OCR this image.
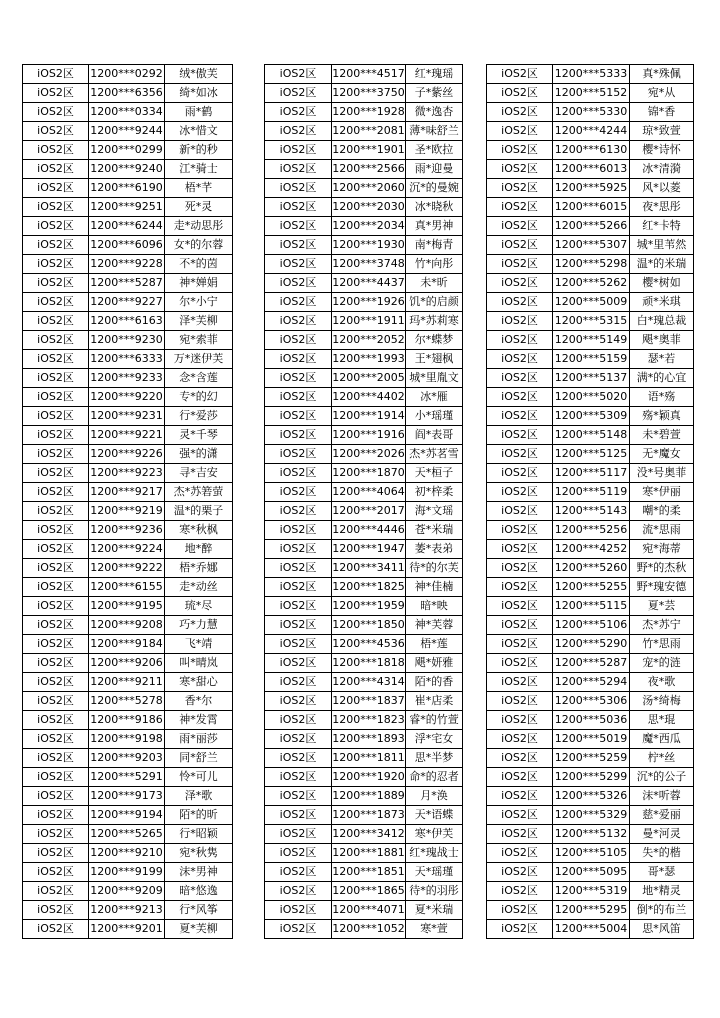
iOS2区	1200***0292	绒*傲芙
iOS2区	1200***6356	绮*如冰
iOS2区	1200***0334	雨*鹤
iOS2区	1200***9244	冰*惜文
iOS2区	1200***0299	新*的秒
iOS2区	1200***9240	江*骑士
iOS2区	1200***6190	梧*芊
iOS2区	1200***9251	死*灵
iOS2区	1200***6244	走*动思彤
iOS2区	1200***6096	女*的尔蓉
iOS2区	1200***9228	不*的茵
iOS2区	1200***5287	神*婵娟
iOS2区	1200***9227	尔*小宁
iOS2区	1200***6163	泽*芙柳
iOS2区	1200***9230	宛*索菲
iOS2区	1200***6333	万*迷伊芙
iOS2区	1200***9233	念*含莲
iOS2区	1200***9220	专*的幻
iOS2区	1200***9231	行*爱莎
iOS2区	1200***9221	灵*千琴
iOS2区	1200***9226	强*的潇
iOS2区	1200***9223	寻*吉安
iOS2区	1200***9217	杰*苏箬萤
iOS2区	1200***9219	温*的栗子
iOS2区	1200***9236	寒*秋枫
iOS2区	1200***9224	地*醉
iOS2区	1200***9222	梧*乔娜
iOS2区	1200***6155	走*动丝
iOS2区	1200***9195	琉*尽
iOS2区	1200***9208	巧*力慧
iOS2区	1200***9184	飞*靖
iOS2区	1200***9206	叫*晴岚
iOS2区	1200***9211	寒*甜心
iOS2区	1200***5278	香*尔
iOS2区	1200***9186	神*发霄
iOS2区	1200***9198	雨*丽莎
iOS2区	1200***9203	同*舒兰
iOS2区	1200***5291	怜*可儿
iOS2区	1200***9173	泽*歌
iOS2区	1200***9194	陌*的昕
iOS2区	1200***5265	行*昭颖
iOS2区	1200***9210	宛*秋隽
iOS2区	1200***9199	沫*男神
iOS2区	1200***9209	暗*悠逸
iOS2区	1200***9213	行*风筝
iOS2区	1200***9201	夏*芙柳
iOS2区	1200***4517	红*瑰瑶
iOS2区	1200***3750	子*紫丝
iOS2区	1200***1928	微*逸杏
iOS2区	1200***2081	薄*味舒兰
iOS2区	1200***1901	圣*欧拉
iOS2区	1200***2566	雨*迎曼
iOS2区	1200***2060	沉*的曼婉
iOS2区	1200***2030	冰*晓秋
iOS2区	1200***2034	真*男神
iOS2区	1200***1930	南*梅青
iOS2区	1200***3748	竹*向彤
iOS2区	1200***4437	未*昕
iOS2区	1200***1926	饥*的启颜
iOS2区	1200***1911	玛*苏莉寒
iOS2区	1200***2052	尔*蝶梦
iOS2区	1200***1993	王*翅枫
iOS2区	1200***2005	城*里胤文
iOS2区	1200***4402	冰*雁
iOS2区	1200***1914	小*瑶瑾
iOS2区	1200***1916	阎*表哥
iOS2区	1200***2026	杰*苏茗雪
iOS2区	1200***1870	天*桓子
iOS2区	1200***4064	初*梓柔
iOS2区	1200***2017	海*文瑶
iOS2区	1200***4446	苍*米瑞
iOS2区	1200***1947	萎*表弟
iOS2区	1200***3411	待*的尔芙
iOS2区	1200***1825	神*佳楠
iOS2区	1200***1959	暗*映
iOS2区	1200***1850	神*芙蓉
iOS2区	1200***4536	梧*莲
iOS2区	1200***1818	飓*妍雅
iOS2区	1200***4314	陌*的香
iOS2区	1200***1837	崔*店柔
iOS2区	1200***1823	睿*的竹萱
iOS2区	1200***1893	浮*宅女
iOS2区	1200***1811	思*半梦
iOS2区	1200***1920	命*的忍者
iOS2区	1200***1889	月*涣
iOS2区	1200***1873	天*语蝶
iOS2区	1200***3412	寒*伊芙
iOS2区	1200***1881	红*瑰战士
iOS2区	1200***1851	天*瑶瑾
iOS2区	1200***1865	待*的羽彤
iOS2区	1200***4071	夏*米瑞
iOS2区	1200***1052	寒*萱
iOS2区	1200***5333	真*殊佩
iOS2区	1200***5152	宛*从
iOS2区	1200***5330	锦*香
iOS2区	1200***4244	琼*致萱
iOS2区	1200***6130	樱*诗怀
iOS2区	1200***6013	冰*清漪
iOS2区	1200***5925	风*以菱
iOS2区	1200***6015	夜*思彤
iOS2区	1200***5266	红*卡特
iOS2区	1200***5307	城*里苇然
iOS2区	1200***5298	温*的米瑞
iOS2区	1200***5262	樱*树如
iOS2区	1200***5009	顽*米琪
iOS2区	1200***5315	白*瑰总裁
iOS2区	1200***5149	飓*奥菲
iOS2区	1200***5159	瑟*若
iOS2区	1200***5137	满*的心宜
iOS2区	1200***5020	语*殇
iOS2区	1200***5309	殇*颖真
iOS2区	1200***5148	未*碧萱
iOS2区	1200***5125	无*魔女
iOS2区	1200***5117	没*号奥菲
iOS2区	1200***5119	寒*伊丽
iOS2区	1200***5143	嘲*的柔
iOS2区	1200***5256	流*思雨
iOS2区	1200***4252	宛*海蒂
iOS2区	1200***5260	野*的杰秋
iOS2区	1200***5255	野*瑰安德
iOS2区	1200***5115	夏*芸
iOS2区	1200***5106	杰*苏宁
iOS2区	1200***5290	竹*思雨
iOS2区	1200***5287	宠*的涟
iOS2区	1200***5294	夜*歌
iOS2区	1200***5306	汤*绮梅
iOS2区	1200***5036	思*琨
iOS2区	1200***5019	魔*西瓜
iOS2区	1200***5259	柠*丝
iOS2区	1200***5299	沉*的公子
iOS2区	1200***5326	沫*听蓉
iOS2区	1200***5329	慈*爱丽
iOS2区	1200***5132	曼*河灵
iOS2区	1200***5105	失*的楷
iOS2区	1200***5095	哥*瑟
iOS2区	1200***5319	地*精灵
iOS2区	1200***5295	倒*的布兰
iOS2区	1200***5004	思*风笛
